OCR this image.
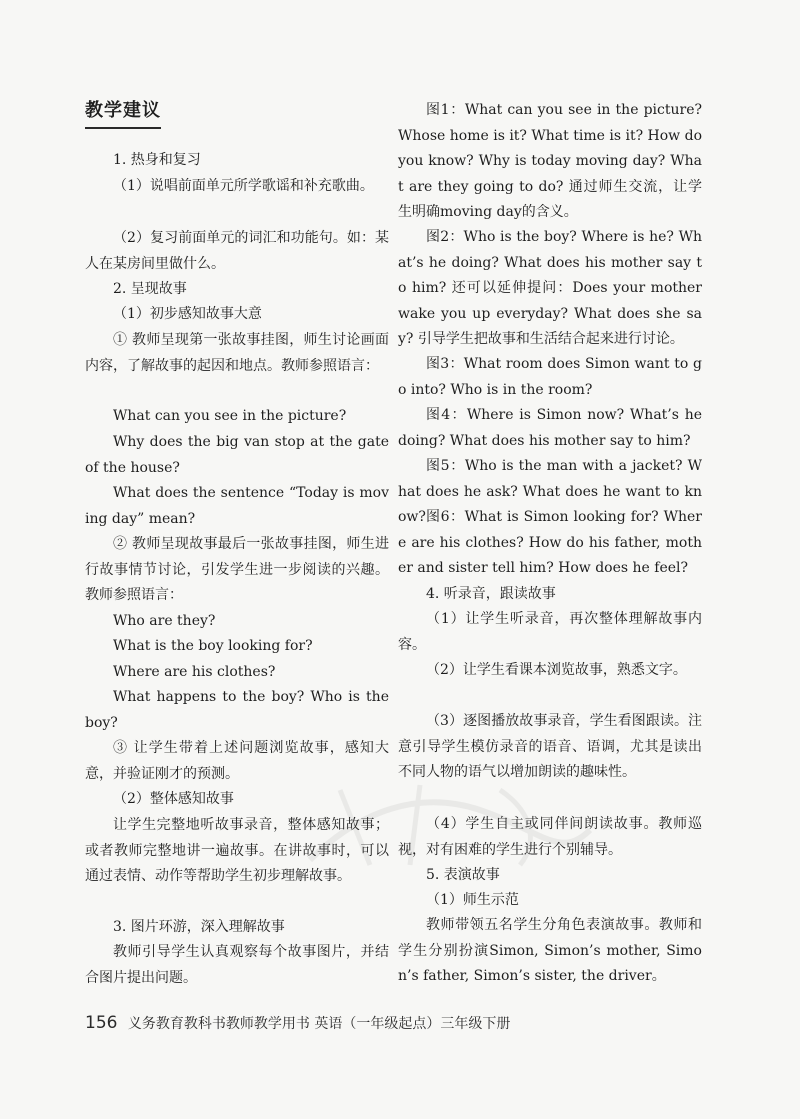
教学建议
1. 热身和复习
（1）说唱前面单元所学歌谣和补充歌曲。
（2）复习前面单元的词汇和功能句。如：某人在某房间里做什么。
2. 呈现故事
（1）初步感知故事大意
① 教师呈现第一张故事挂图，师生讨论画面内容，了解故事的起因和地点。教师参照语言：
What can you see in the picture?
Why does the big van stop at the gate of the house?
What does the sentence “Today is moving day” mean?
② 教师呈现故事最后一张故事挂图，师生进行故事情节讨论，引发学生进一步阅读的兴趣。教师参照语言：
Who are they?
What is the boy looking for?
Where are his clothes?
What happens to the boy? Who is the boy?
③ 让学生带着上述问题浏览故事，感知大意，并验证刚才的预测。
（2）整体感知故事
让学生完整地听故事录音，整体感知故事；或者教师完整地讲一遍故事。在讲故事时，可以通过表情、动作等帮助学生初步理解故事。
3. 图片环游，深入理解故事
教师引导学生认真观察每个故事图片，并结合图片提出问题。
图1：What can you see in the picture? Whose home is it? What time is it? How do you know? Why is today moving day? What are they going to do? 通过师生交流，让学生明确moving day的含义。
图2：Who is the boy? Where is he? What’s he doing? What does his mother say to him? 还可以延伸提问：Does your mother wake you up everyday? What does she say? 引导学生把故事和生活结合起来进行讨论。
图3：What room does Simon want to go into? Who is in the room?
图4：Where is Simon now? What’s he doing? What does his mother say to him?
图5：Who is the man with a jacket? What does he ask? What does he want to know? 图6：What is Simon looking for? Where are his clothes? How do his father, mother and sister tell him? How does he feel?
4. 听录音，跟读故事
（1）让学生听录音，再次整体理解故事内容。
（2）让学生看课本浏览故事，熟悉文字。
（3）逐图播放故事录音，学生看图跟读。注意引导学生模仿录音的语音、语调，尤其是读出不同人物的语气以增加朗读的趣味性。
（4）学生自主或同伴间朗读故事。教师巡视，对有困难的学生进行个别辅导。
5. 表演故事
（1）师生示范
教师带领五名学生分角色表演故事。教师和学生分别扮演Simon, Simon’s mother, Simon’s father, Simon’s sister, the driver。
156 义务教育教科书教师教学用书 英语（一年级起点）三年级下册
